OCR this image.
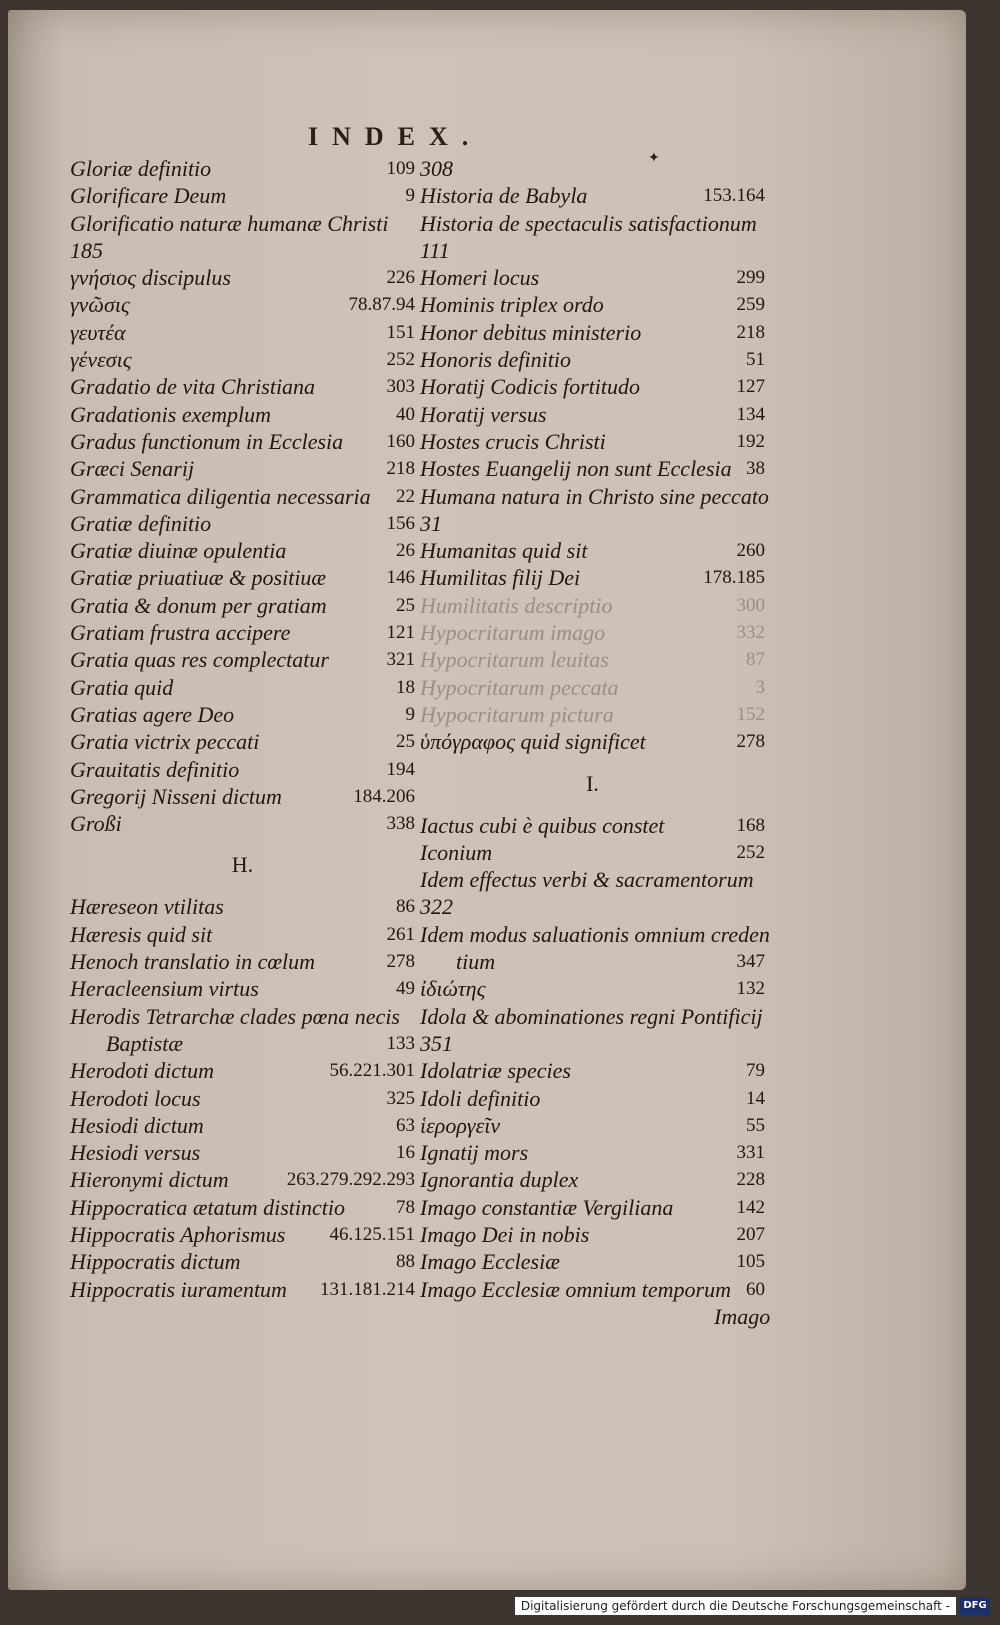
INDEX.
✦
Gloriæ definitio	109
Glorificare Deum	9
Glorificatio naturæ humanæ Christi
185
γνήσιος discipulus	226
γνῶσις	78.87.94
γευτέα	151
γένεσις	252
Gradatio de vita Christiana	303
Gradationis exemplum	40
Gradus functionum in Ecclesia 160
Græci Senarij	218
Grammatica diligentia necessaria 22
Gratiæ definitio	156
Gratiæ diuinæ opulentia	26
Gratiæ priuatiuæ & positiuæ	146
Gratia & donum per gratiam	25
Gratiam frustra accipere	121
Gratia quas res complectatur	321
Gratia quid	18
Gratias agere Deo	9
Gratia victrix peccati	25
Grauitatis definitio	194
Gregorij Nisseni dictum	184.206
Großi	338
H.
Hæreseon vtilitas	86
Hæresis quid sit	261
Henoch translatio in cœlum	278
Heracleensium virtus	49
Herodis Tetrarchæ clades pœna necis
Baptistæ	133
Herodoti dictum	56.221.301
Herodoti locus	325
Hesiodi dictum	63
Hesiodi versus	16
Hieronymi dictum	263.279.292.293
Hippocratica ætatum distinctio	78
Hippocratis Aphorismus 46.125.151
Hippocratis dictum	88
Hippocratis iuramentum 131.181.214
308
Historia de Babyla	153.164
Historia de spectaculis satisfactionum
111
Homeri locus	299
Hominis triplex ordo	259
Honor debitus ministerio	218
Honoris definitio	51
Horatij Codicis fortitudo	127
Horatij versus	134
Hostes crucis Christi	192
Hostes Euangelij non sunt Ecclesia 38
Humana natura in Christo sine peccato
31
Humanitas quid sit	260
Humilitas filij Dei	178.185
Humilitatis descriptio	300
Hypocritarum imago	332
Hypocritarum leuitas	87
Hypocritarum peccata	3
Hypocritarum pictura	152
ὑπόγραφος quid significet	278
I.
Iactus cubi è quibus constet	168
Iconium	252
Idem effectus verbi & sacramentorum
322
Idem modus saluationis omnium creden
tium	347
ἰδιώτης	132
Idola & abominationes regni Pontificij
351
Idolatriæ species	79
Idoli definitio	14
ἱεροργεῖν	55
Ignatij mors	331
Ignorantia duplex	228
Imago constantiæ Vergiliana	142
Imago Dei in nobis	207
Imago Ecclesiæ	105
Imago Ecclesiæ omnium temporum 60
Imago
Digitalisierung gefördert durch die Deutsche Forschungsgemeinschaft -	DFG
